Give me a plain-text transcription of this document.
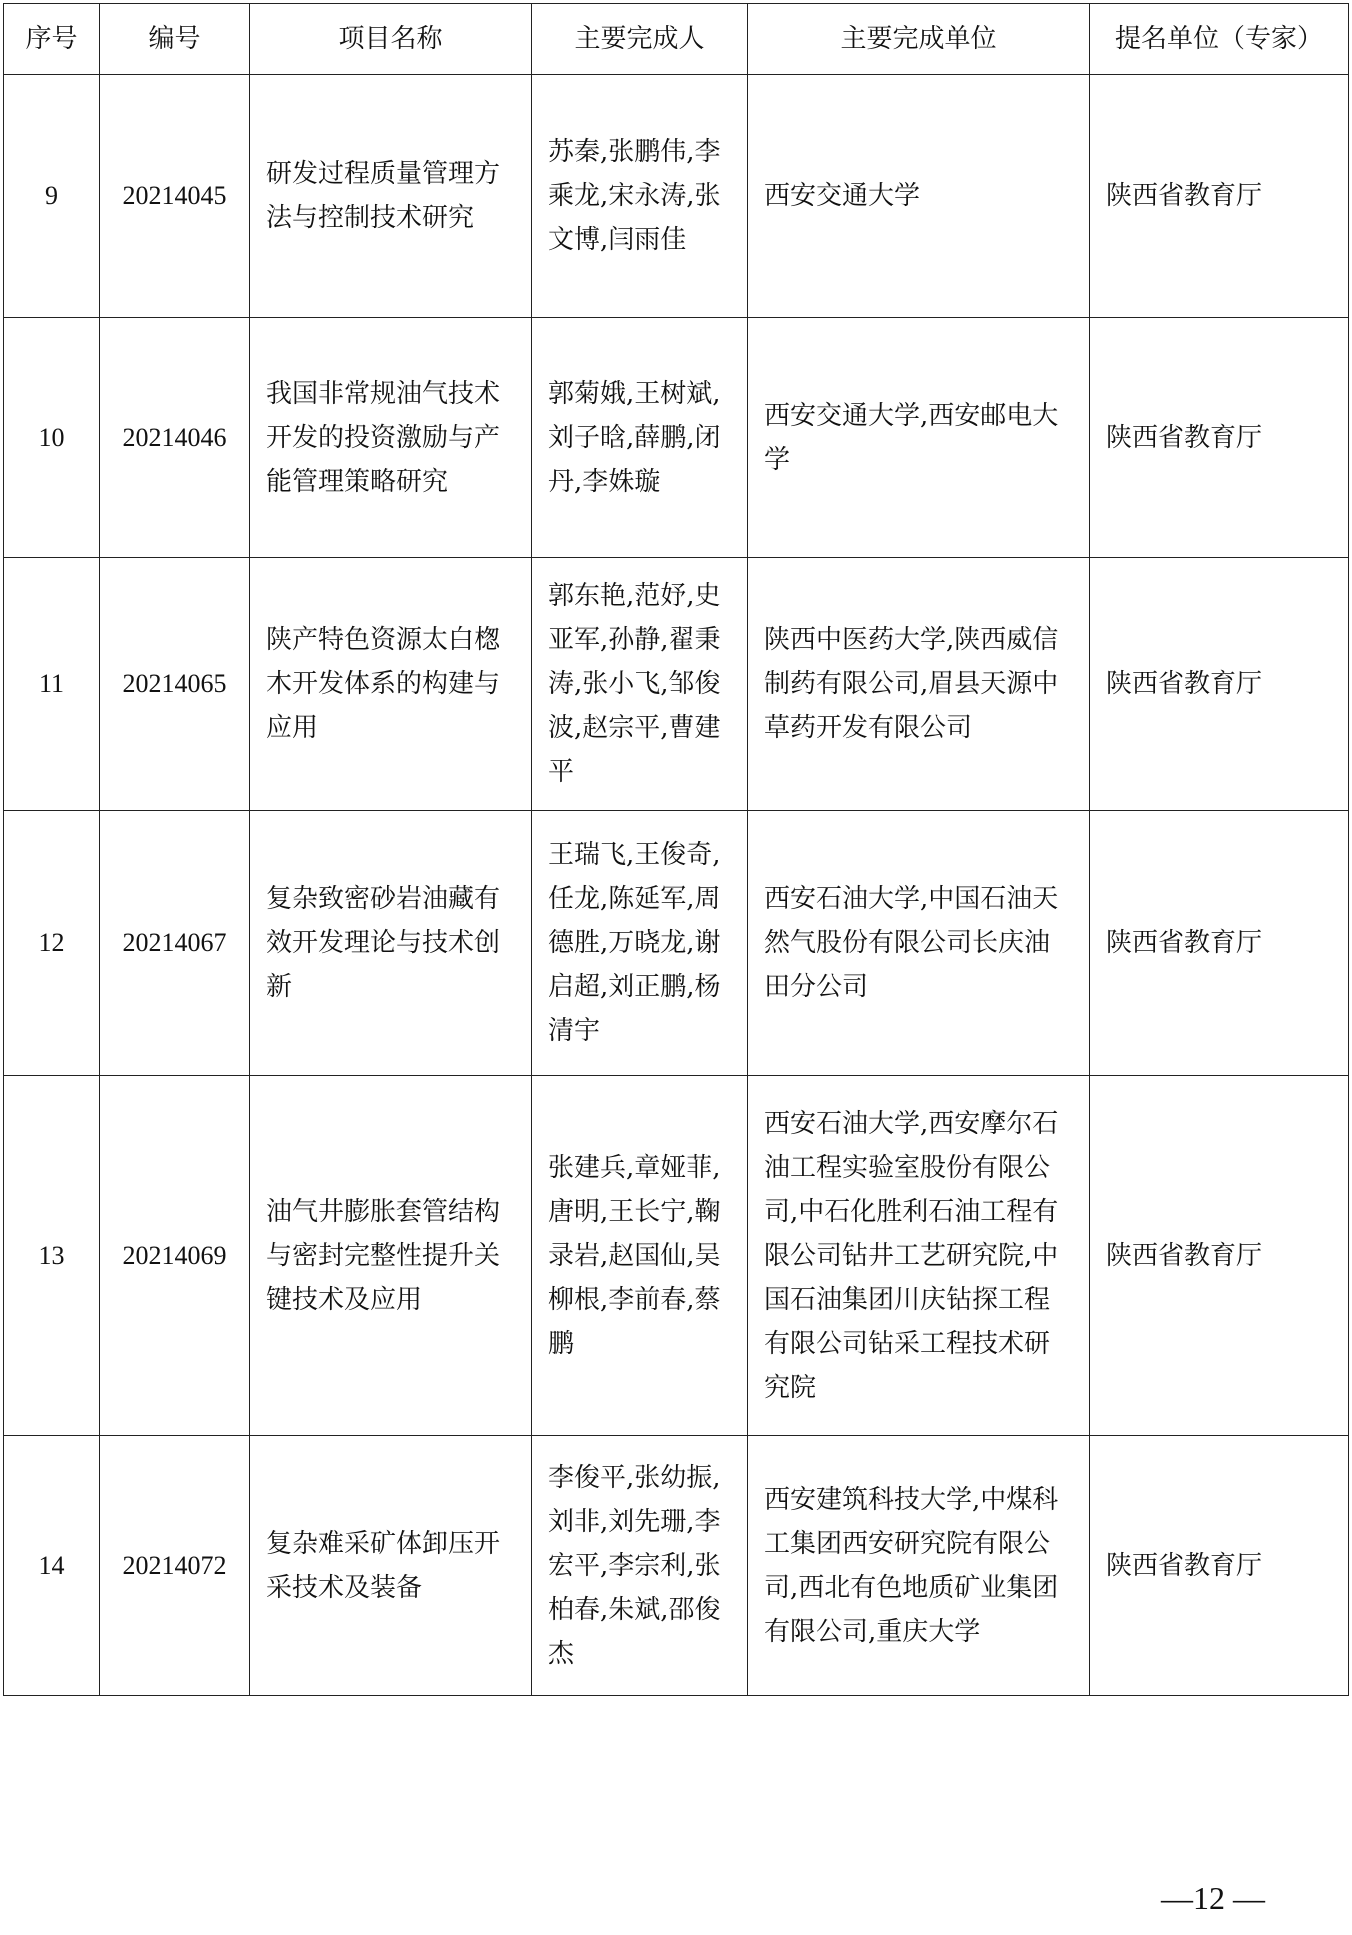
序号	编号	项目名称	主要完成人	主要完成单位	提名单位（专家）
9	20214045	研发过程质量管理方法与控制技术研究	苏秦,张鹏伟,李乘龙,宋永涛,张文博,闫雨佳	西安交通大学	陕西省教育厅
10	20214046	我国非常规油气技术开发的投资激励与产能管理策略研究	郭菊娥,王树斌,刘子晗,薛鹏,闭丹,李姝璇	西安交通大学,西安邮电大学	陕西省教育厅
11	20214065	陕产特色资源太白楤木开发体系的构建与应用	郭东艳,范妤,史亚军,孙静,翟秉涛,张小飞,邹俊波,赵宗平,曹建平	陕西中医药大学,陕西威信制药有限公司,眉县天源中草药开发有限公司	陕西省教育厅
12	20214067	复杂致密砂岩油藏有效开发理论与技术创新	王瑞飞,王俊奇,任龙,陈延军,周德胜,万晓龙,谢启超,刘正鹏,杨清宇	西安石油大学,中国石油天然气股份有限公司长庆油田分公司	陕西省教育厅
13	20214069	油气井膨胀套管结构与密封完整性提升关键技术及应用	张建兵,章娅菲,唐明,王长宁,鞠录岩,赵国仙,吴柳根,李前春,蔡鹏	西安石油大学,西安摩尔石油工程实验室股份有限公司,中石化胜利石油工程有限公司钻井工艺研究院,中国石油集团川庆钻探工程有限公司钻采工程技术研究院	陕西省教育厅
14	20214072	复杂难采矿体卸压开采技术及装备	李俊平,张幼振,刘非,刘先珊,李宏平,李宗利,张柏春,朱斌,邵俊杰	西安建筑科技大学,中煤科工集团西安研究院有限公司,西北有色地质矿业集团有限公司,重庆大学	陕西省教育厅
—12 —
